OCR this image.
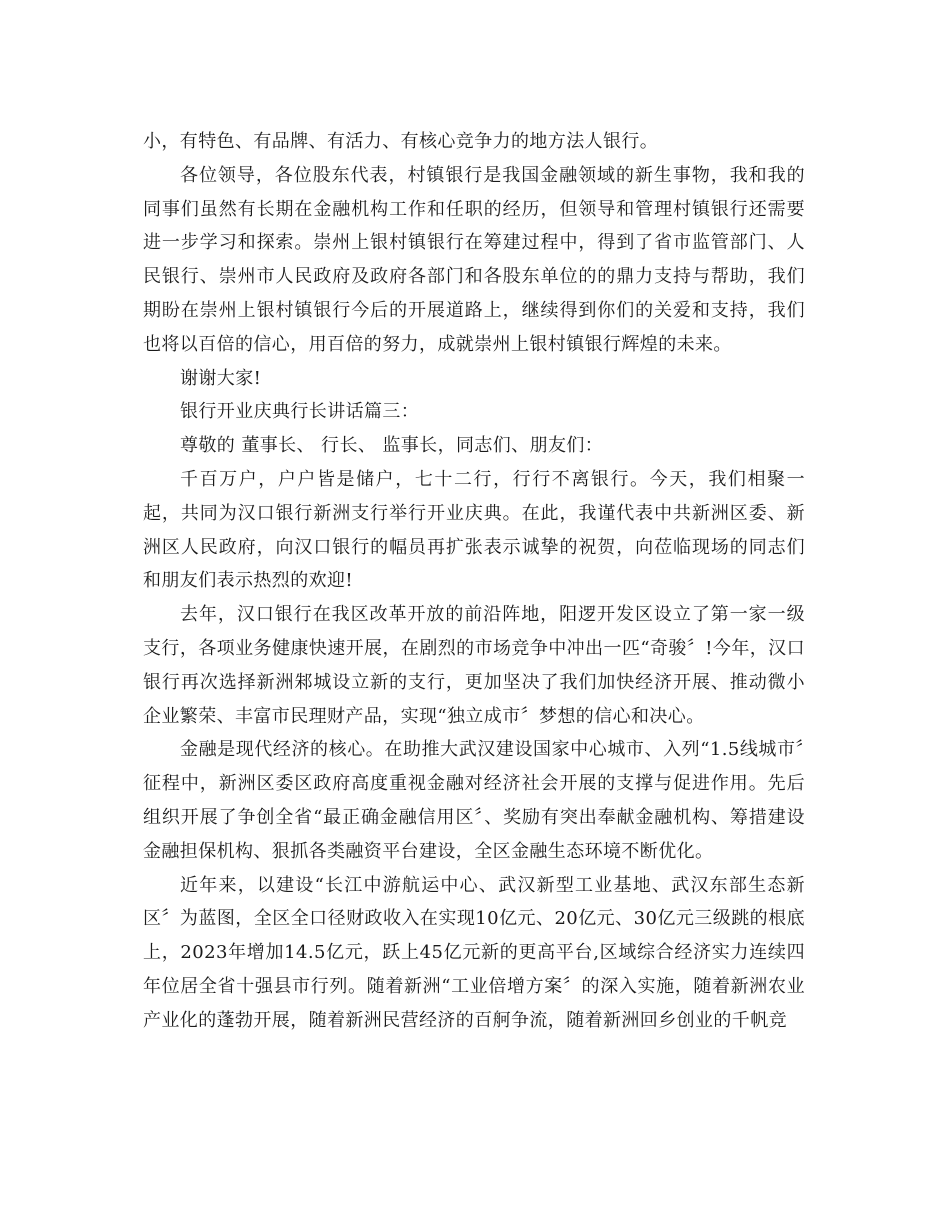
小，有特色、有品牌、有活力、有核心竞争力的地方法人银行。

各位领导，各位股东代表，村镇银行是我国金融领域的新生事物，我和我的同事们虽然有长期在金融机构工作和任职的经历，但领导和管理村镇银行还需要进一步学习和探索。崇州上银村镇银行在筹建过程中，得到了省市监管部门、人民银行、崇州市人民政府及政府各部门和各股东单位的的鼎力支持与帮助，我们期盼在崇州上银村镇银行今后的开展道路上，继续得到你们的关爱和支持，我们也将以百倍的信心，用百倍的努力，成就崇州上银村镇银行辉煌的未来。

谢谢大家!

银行开业庆典行长讲话篇三：

尊敬的 董事长、 行长、 监事长，同志们、朋友们：

千百万户，户户皆是储户，七十二行，行行不离银行。今天，我们相聚一起，共同为汉口银行新洲支行举行开业庆典。在此，我谨代表中共新洲区委、新洲区人民政府，向汉口银行的幅员再扩张表示诚挚的祝贺，向莅临现场的同志们和朋友们表示热烈的欢迎!

去年，汉口银行在我区改革开放的前沿阵地，阳逻开发区设立了第一家一级支行，各项业务健康快速开展，在剧烈的市场竞争中冲出一匹“奇骏〞!今年，汉口银行再次选择新洲邾城设立新的支行，更加坚决了我们加快经济开展、推动微小企业繁荣、丰富市民理财产品，实现“独立成市〞梦想的信心和决心。

金融是现代经济的核心。在助推大武汉建设国家中心城市、入列“1.5线城市〞征程中，新洲区委区政府高度重视金融对经济社会开展的支撑与促进作用。先后组织开展了争创全省“最正确金融信用区〞、奖励有突出奉献金融机构、筹措建设金融担保机构、狠抓各类融资平台建设，全区金融生态环境不断优化。

近年来，以建设“长江中游航运中心、武汉新型工业基地、武汉东部生态新区〞为蓝图，全区全口径财政收入在实现10亿元、20亿元、30亿元三级跳的根底上，2023年增加14.5亿元，跃上45亿元新的更高平台,区域综合经济实力连续四年位居全省十强县市行列。随着新洲“工业倍增方案〞的深入实施，随着新洲农业产业化的蓬勃开展，随着新洲民营经济的百舸争流，随着新洲回乡创业的千帆竞
